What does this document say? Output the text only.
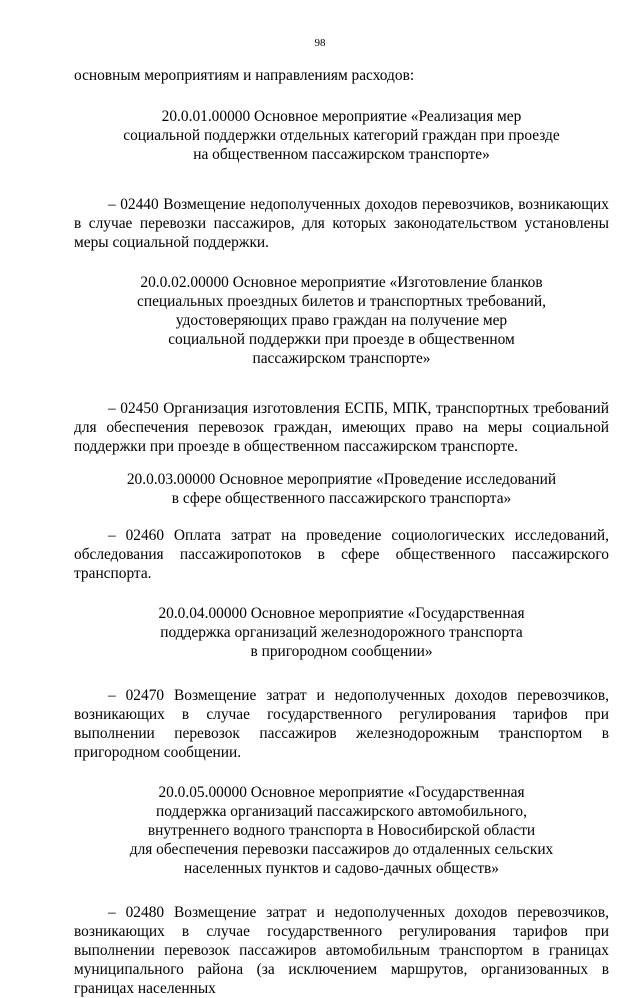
98

основным мероприятиям и направлениям расходов:

20.0.01.00000 Основное мероприятие «Реализация мер
социальной поддержки отдельных категорий граждан при проезде
на общественном пассажирском транспорте»

– 02440 Возмещение недополученных доходов перевозчиков, возникающих в случае перевозки пассажиров, для которых законодательством установлены меры социальной поддержки.

20.0.02.00000 Основное мероприятие «Изготовление бланков
специальных проездных билетов и транспортных требований,
удостоверяющих право граждан на получение мер
социальной поддержки при проезде в общественном
пассажирском транспорте»

– 02450 Организация изготовления ЕСПБ, МПК, транспортных требований для обеспечения перевозок граждан, имеющих право на меры социальной поддержки при проезде в общественном пассажирском транспорте.

20.0.03.00000 Основное мероприятие «Проведение исследований
в сфере общественного пассажирского транспорта»

– 02460 Оплата затрат на проведение социологических исследований, обследования пассажиропотоков в сфере общественного пассажирского транспорта.

20.0.04.00000 Основное мероприятие «Государственная
поддержка организаций железнодорожного транспорта
в пригородном сообщении»

– 02470 Возмещение затрат и недополученных доходов перевозчиков, возникающих в случае государственного регулирования тарифов при выполнении перевозок пассажиров железнодорожным транспортом в пригородном сообщении.

20.0.05.00000 Основное мероприятие «Государственная
поддержка организаций пассажирского автомобильного,
внутреннего водного транспорта в Новосибирской области
для обеспечения перевозки пассажиров до отдаленных сельских
населенных пунктов и садово-дачных обществ»

– 02480 Возмещение затрат и недополученных доходов перевозчиков, возникающих в случае государственного регулирования тарифов при выполнении перевозок пассажиров автомобильным транспортом в границах муниципального района (за исключением маршрутов, организованных в границах населенных
